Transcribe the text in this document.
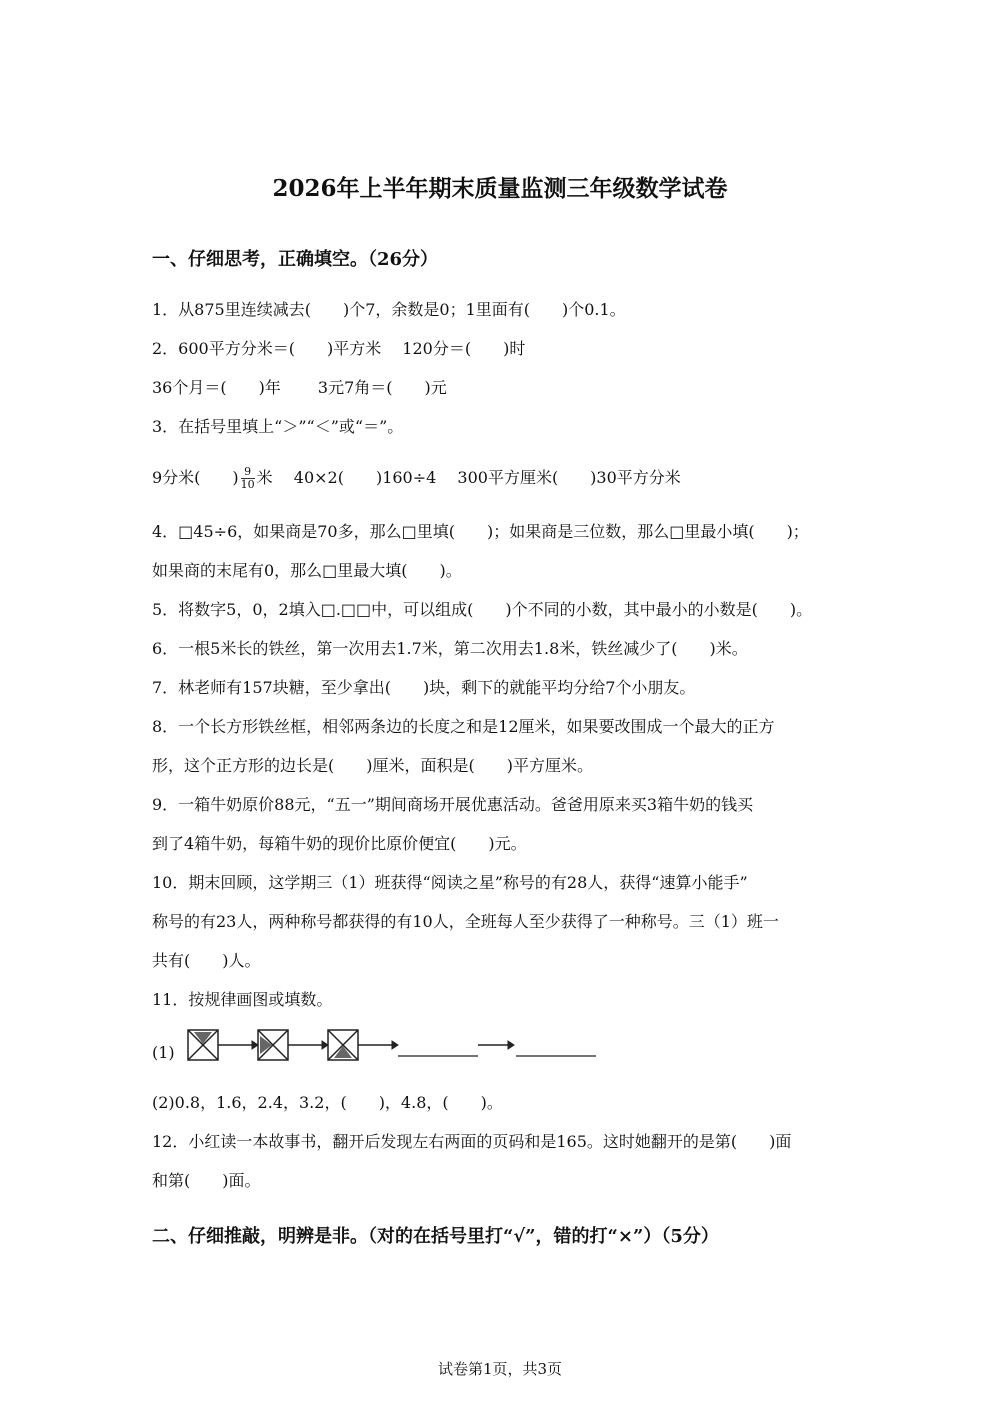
2026年上半年期末质量监测三年级数学试卷
一、仔细思考，正确填空。（26分）
1．从875里连续减去(　　)个7，余数是0；1里面有(　　)个0.1。
2．600平方分米＝(　　)平方米　 120分＝(　　)时
36个月＝(　　)年　　 3元7角＝(　　)元
3．在括号里填上“＞”“＜”或“＝”。
9分米(　　) $\frac{9}{10}$ 米　 40×2(　　)160÷4　 300平方厘米(　　)30平方分米
4．□45÷6，如果商是70多，那么□里填(　　)；如果商是三位数，那么□里最小填(　　)；
如果商的末尾有0，那么□里最大填(　　)。
5．将数字5，0，2填入□.□□中，可以组成(　　)个不同的小数，其中最小的小数是(　　)。
6．一根5米长的铁丝，第一次用去1.7米，第二次用去1.8米，铁丝减少了(　　)米。
7．林老师有157块糖，至少拿出(　　)块，剩下的就能平均分给7个小朋友。
8．一个长方形铁丝框，相邻两条边的长度之和是12厘米，如果要改围成一个最大的正方
形，这个正方形的边长是(　　)厘米，面积是(　　)平方厘米。
9．一箱牛奶原价88元，“五一”期间商场开展优惠活动。爸爸用原来买3箱牛奶的钱买
到了4箱牛奶，每箱牛奶的现价比原价便宜(　　)元。
10．期末回顾，这学期三（1）班获得“阅读之星”称号的有28人，获得“速算小能手”
称号的有23人，两种称号都获得的有10人，全班每人至少获得了一种称号。三（1）班一
共有(　　)人。
11．按规律画图或填数。
(1)
(2)0.8，1.6，2.4，3.2，(　　)，4.8，(　　)。
12．小红读一本故事书，翻开后发现左右两面的页码和是165。这时她翻开的是第(　　)面
和第(　　)面。
二、仔细推敲，明辨是非。（对的在括号里打“√”，错的打“×”）（5分）
试卷第1页，共3页
